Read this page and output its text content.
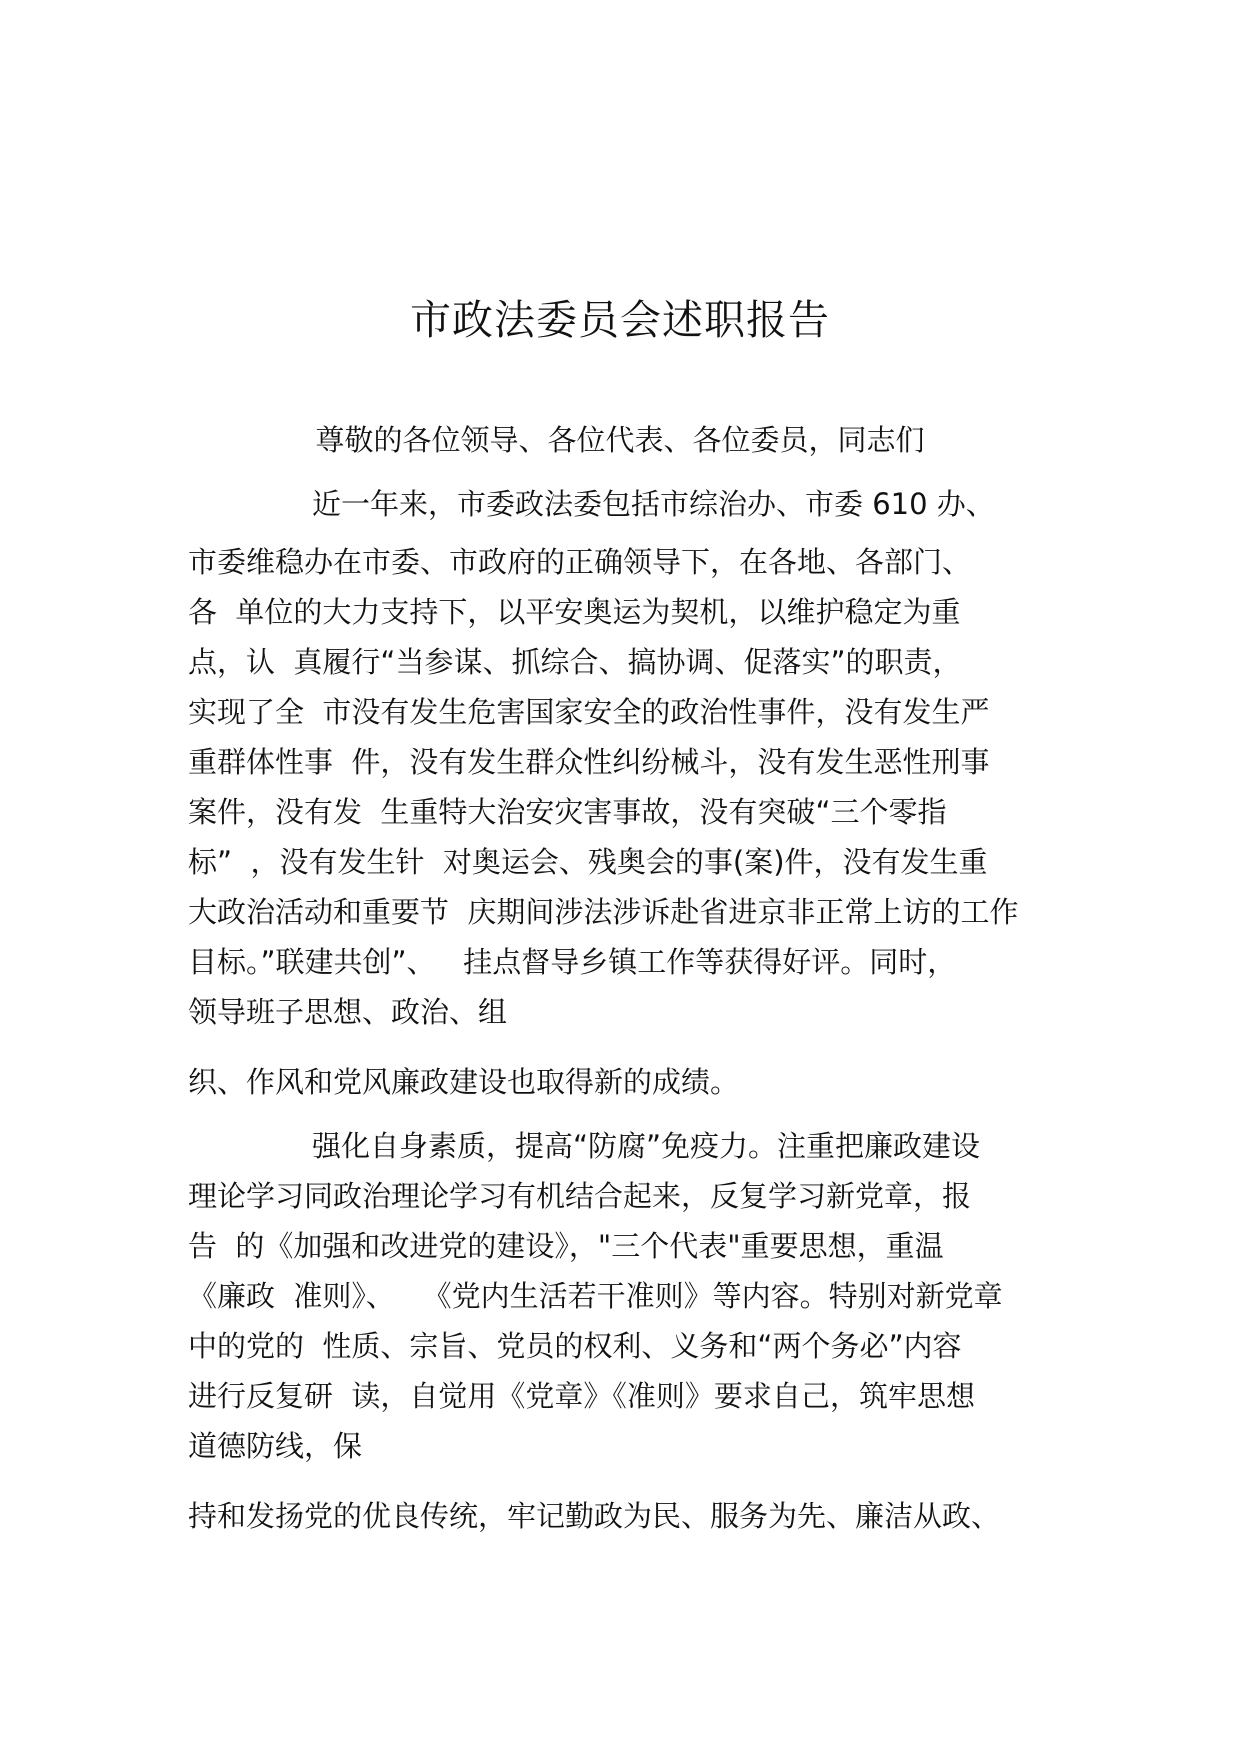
市政法委员会述职报告
尊敬的各位领导、各位代表、各位委员，同志们
近一年来，市委政法委包括市综治办、市委 610 办、
市委维稳办在市委、市政府的正确领导下，在各地、各部门、
各  单位的大力支持下，以平安奥运为契机，以维护稳定为重
点，认  真履行“当参谋、抓综合、搞协调、促落实”的职责，
实现了全  市没有发生危害国家安全的政治性事件，没有发生严
重群体性事  件，没有发生群众性纠纷械斗，没有发生恶性刑事
案件，没有发  生重特大治安灾害事故，没有突破“三个零指
标”  ，没有发生针  对奥运会、残奥会的事(案)件，没有发生重
大政治活动和重要节  庆期间涉法涉诉赴省进京非正常上访的工作
目标。”联建共创”、   挂点督导乡镇工作等获得好评。同时，
领导班子思想、政治、组
织、作风和党风廉政建设也取得新的成绩。
强化自身素质，提高“防腐”免疫力。注重把廉政建设
理论学习同政治理论学习有机结合起来，反复学习新党章，报
告  的《加强和改进党的建设》，"三个代表"重要思想，重温
《廉政  准则》、   《党内生活若干准则》等内容。特别对新党章
中的党的  性质、宗旨、党员的权利、义务和“两个务必”内容
进行反复研  读，自觉用《党章》《准则》要求自己，筑牢思想
道德防线，保
持和发扬党的优良传统，牢记勤政为民、服务为先、廉洁从政、
